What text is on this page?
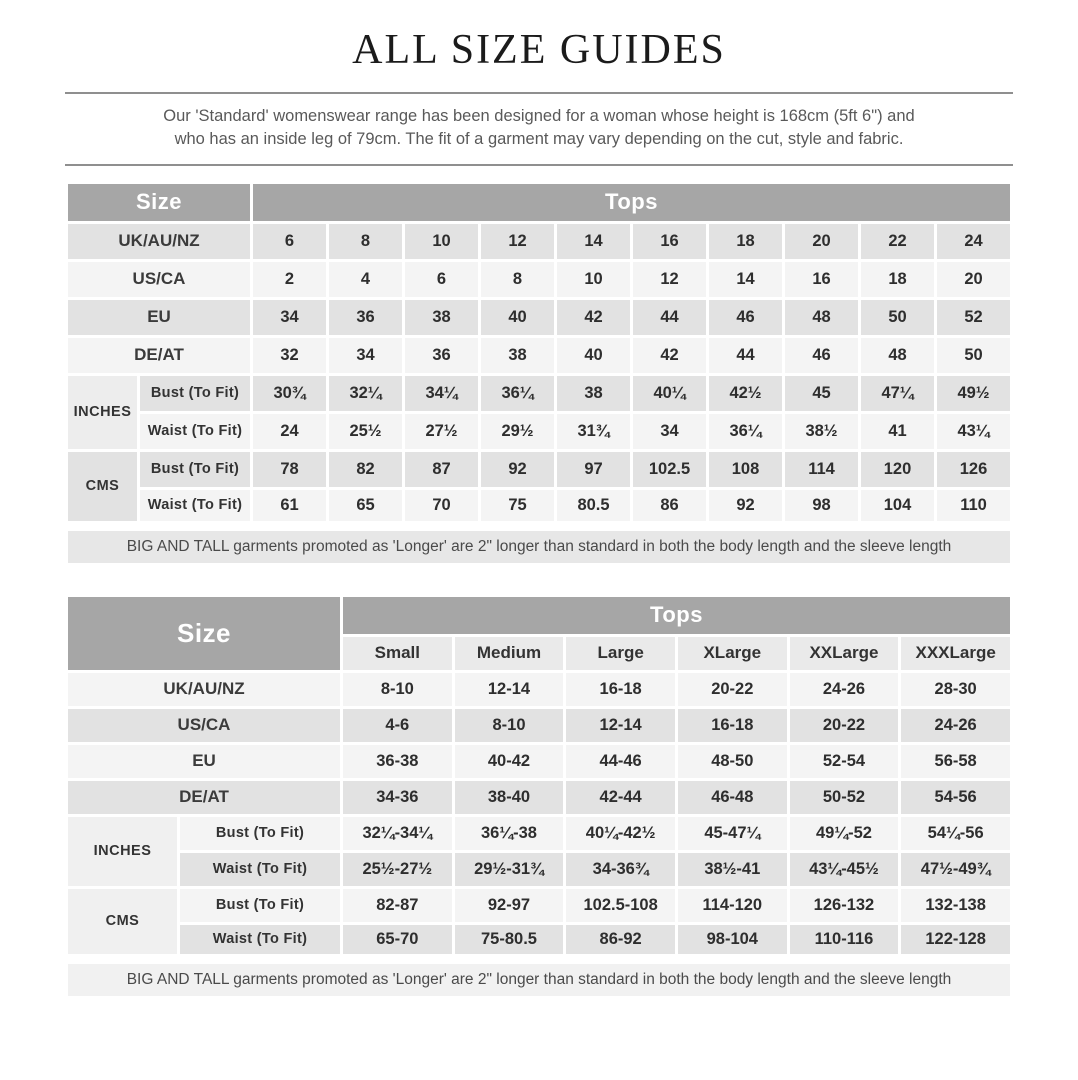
ALL SIZE GUIDES

Our 'Standard' womenswear range has been designed for a woman whose height is 168cm (5ft 6") and
who has an inside leg of 79cm. The fit of a garment may vary depending on the cut, style and fabric.

Size		Tops									
UK/AU/NZ		6	8	10	12	14	16	18	20	22	24
US/CA		2	4	6	8	10	12	14	16	18	20
EU		34	36	38	40	42	44	46	48	50	52
DE/AT		32	34	36	38	40	42	44	46	48	50
INCHES	Bust (To Fit)	30¾	32¼	34¼	36¼	38	40¼	42½	45	47¼	49½
	Waist (To Fit)	24	25½	27½	29½	31¾	34	36¼	38½	41	43¼
CMS	Bust (To Fit)	78	82	87	92	97	102.5	108	114	120	126
	Waist (To Fit)	61	65	70	75	80.5	86	92	98	104	110
BIG AND TALL garments promoted as 'Longer' are 2" longer than standard in both the body length and the sleeve length											
Size		Tops					
		Small	Medium	Large	XLarge	XXLarge	XXXLarge
UK/AU/NZ		8-10	12-14	16-18	20-22	24-26	28-30
US/CA		4-6	8-10	12-14	16-18	20-22	24-26
EU		36-38	40-42	44-46	48-50	52-54	56-58
DE/AT		34-36	38-40	42-44	46-48	50-52	54-56
INCHES	Bust (To Fit)	32¼-34¼	36¼-38	40¼-42½	45-47¼	49¼-52	54¼-56
	Waist (To Fit)	25½-27½	29½-31¾	34-36¾	38½-41	43¼-45½	47½-49¾
CMS	Bust (To Fit)	82-87	92-97	102.5-108	114-120	126-132	132-138
	Waist (To Fit)	65-70	75-80.5	86-92	98-104	110-116	122-128
BIG AND TALL garments promoted as 'Longer' are 2" longer than standard in both the body length and the sleeve length							
